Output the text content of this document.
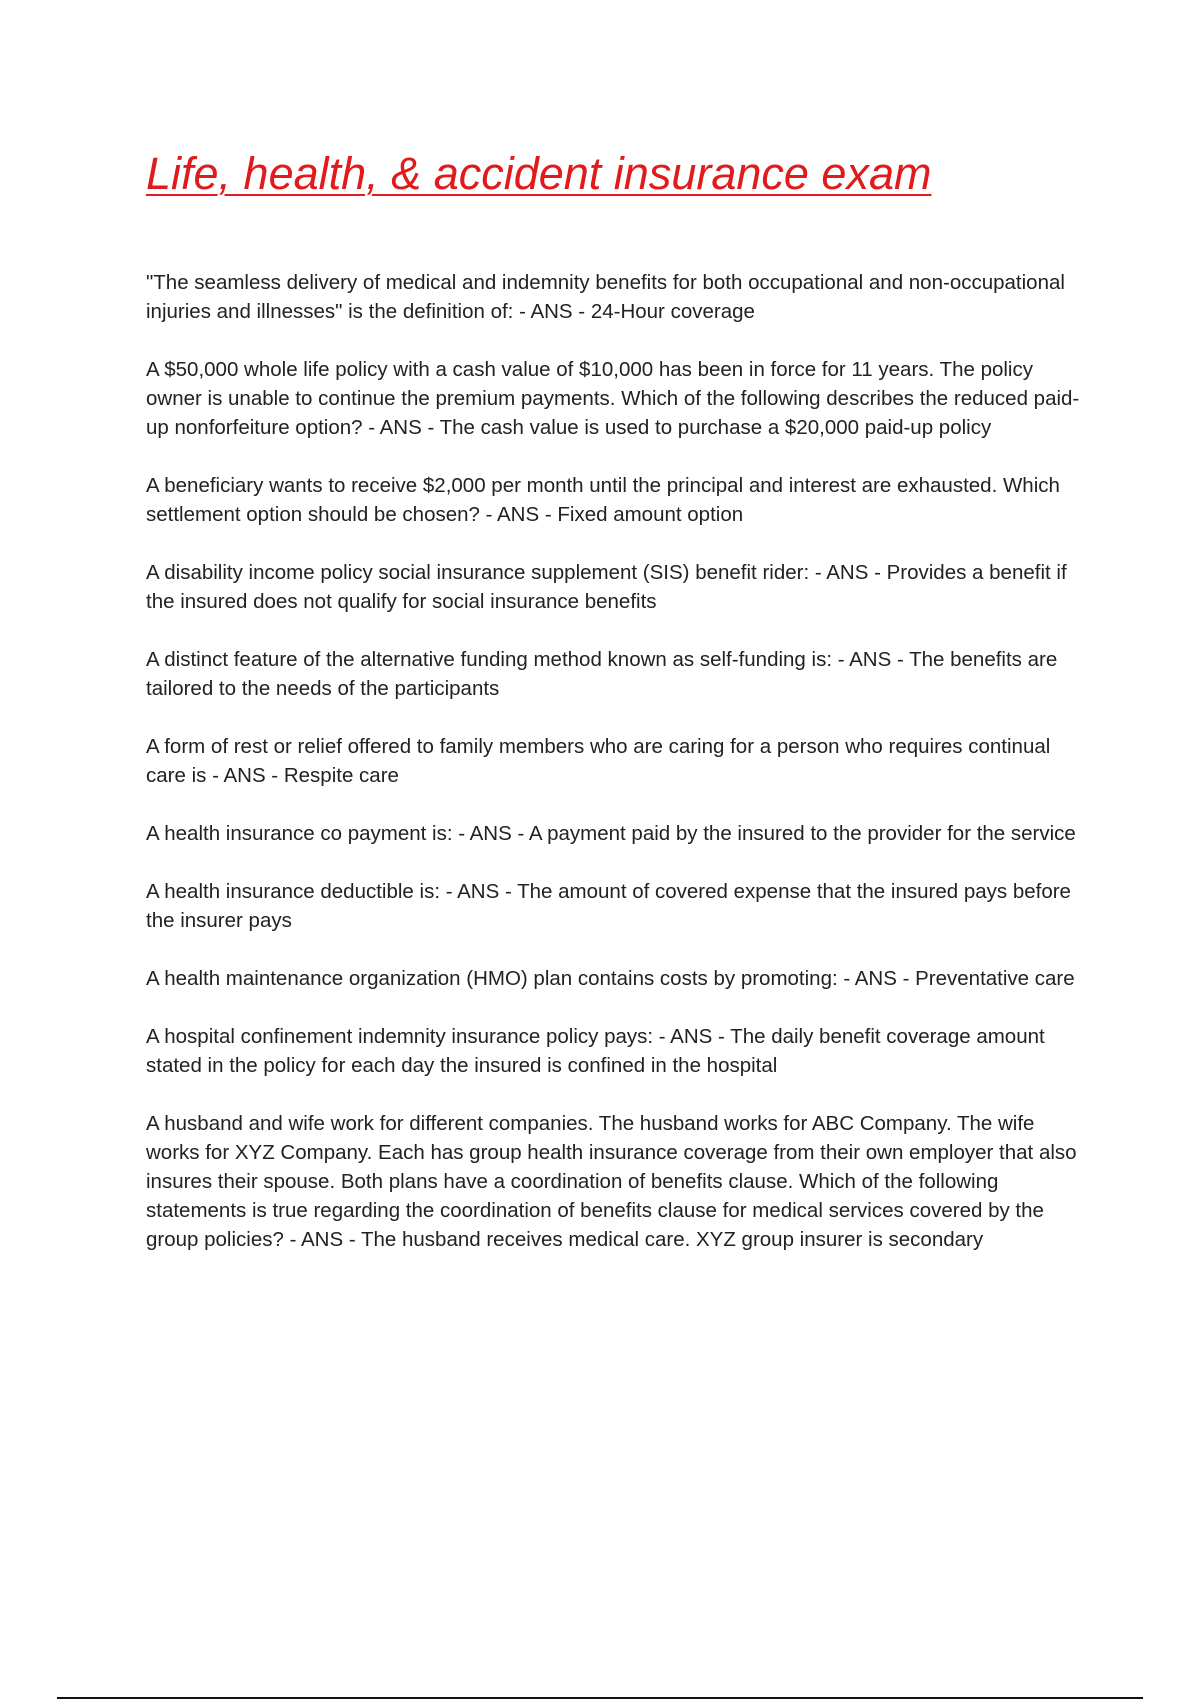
Life, health, & accident insurance exam

"The seamless delivery of medical and indemnity benefits for both occupational and non-occupational injuries and illnesses" is the definition of: - ANS - 24-Hour coverage

A $50,000 whole life policy with a cash value of $10,000 has been in force for 11 years. The policy owner is unable to continue the premium payments. Which of the following describes the reduced paid-up nonforfeiture option? - ANS - The cash value is used to purchase a $20,000 paid-up policy

A beneficiary wants to receive $2,000 per month until the principal and interest are exhausted. Which settlement option should be chosen? - ANS - Fixed amount option

A disability income policy social insurance supplement (SIS) benefit rider: - ANS - Provides a benefit if the insured does not qualify for social insurance benefits

A distinct feature of the alternative funding method known as self-funding is: - ANS - The benefits are tailored to the needs of the participants

A form of rest or relief offered to family members who are caring for a person who requires continual care is - ANS - Respite care

A health insurance co payment is: - ANS - A payment paid by the insured to the provider for the service

A health insurance deductible is: - ANS - The amount of covered expense that the insured pays before the insurer pays

A health maintenance organization (HMO) plan contains costs by promoting: - ANS - Preventative care

A hospital confinement indemnity insurance policy pays: - ANS - The daily benefit coverage amount stated in the policy for each day the insured is confined in the hospital

A husband and wife work for different companies. The husband works for ABC Company. The wife works for XYZ Company. Each has group health insurance coverage from their own employer that also insures their spouse. Both plans have a coordination of benefits clause. Which of the following statements is true regarding the coordination of benefits clause for medical services covered by the group policies? - ANS - The husband receives medical care. XYZ group insurer is secondary
